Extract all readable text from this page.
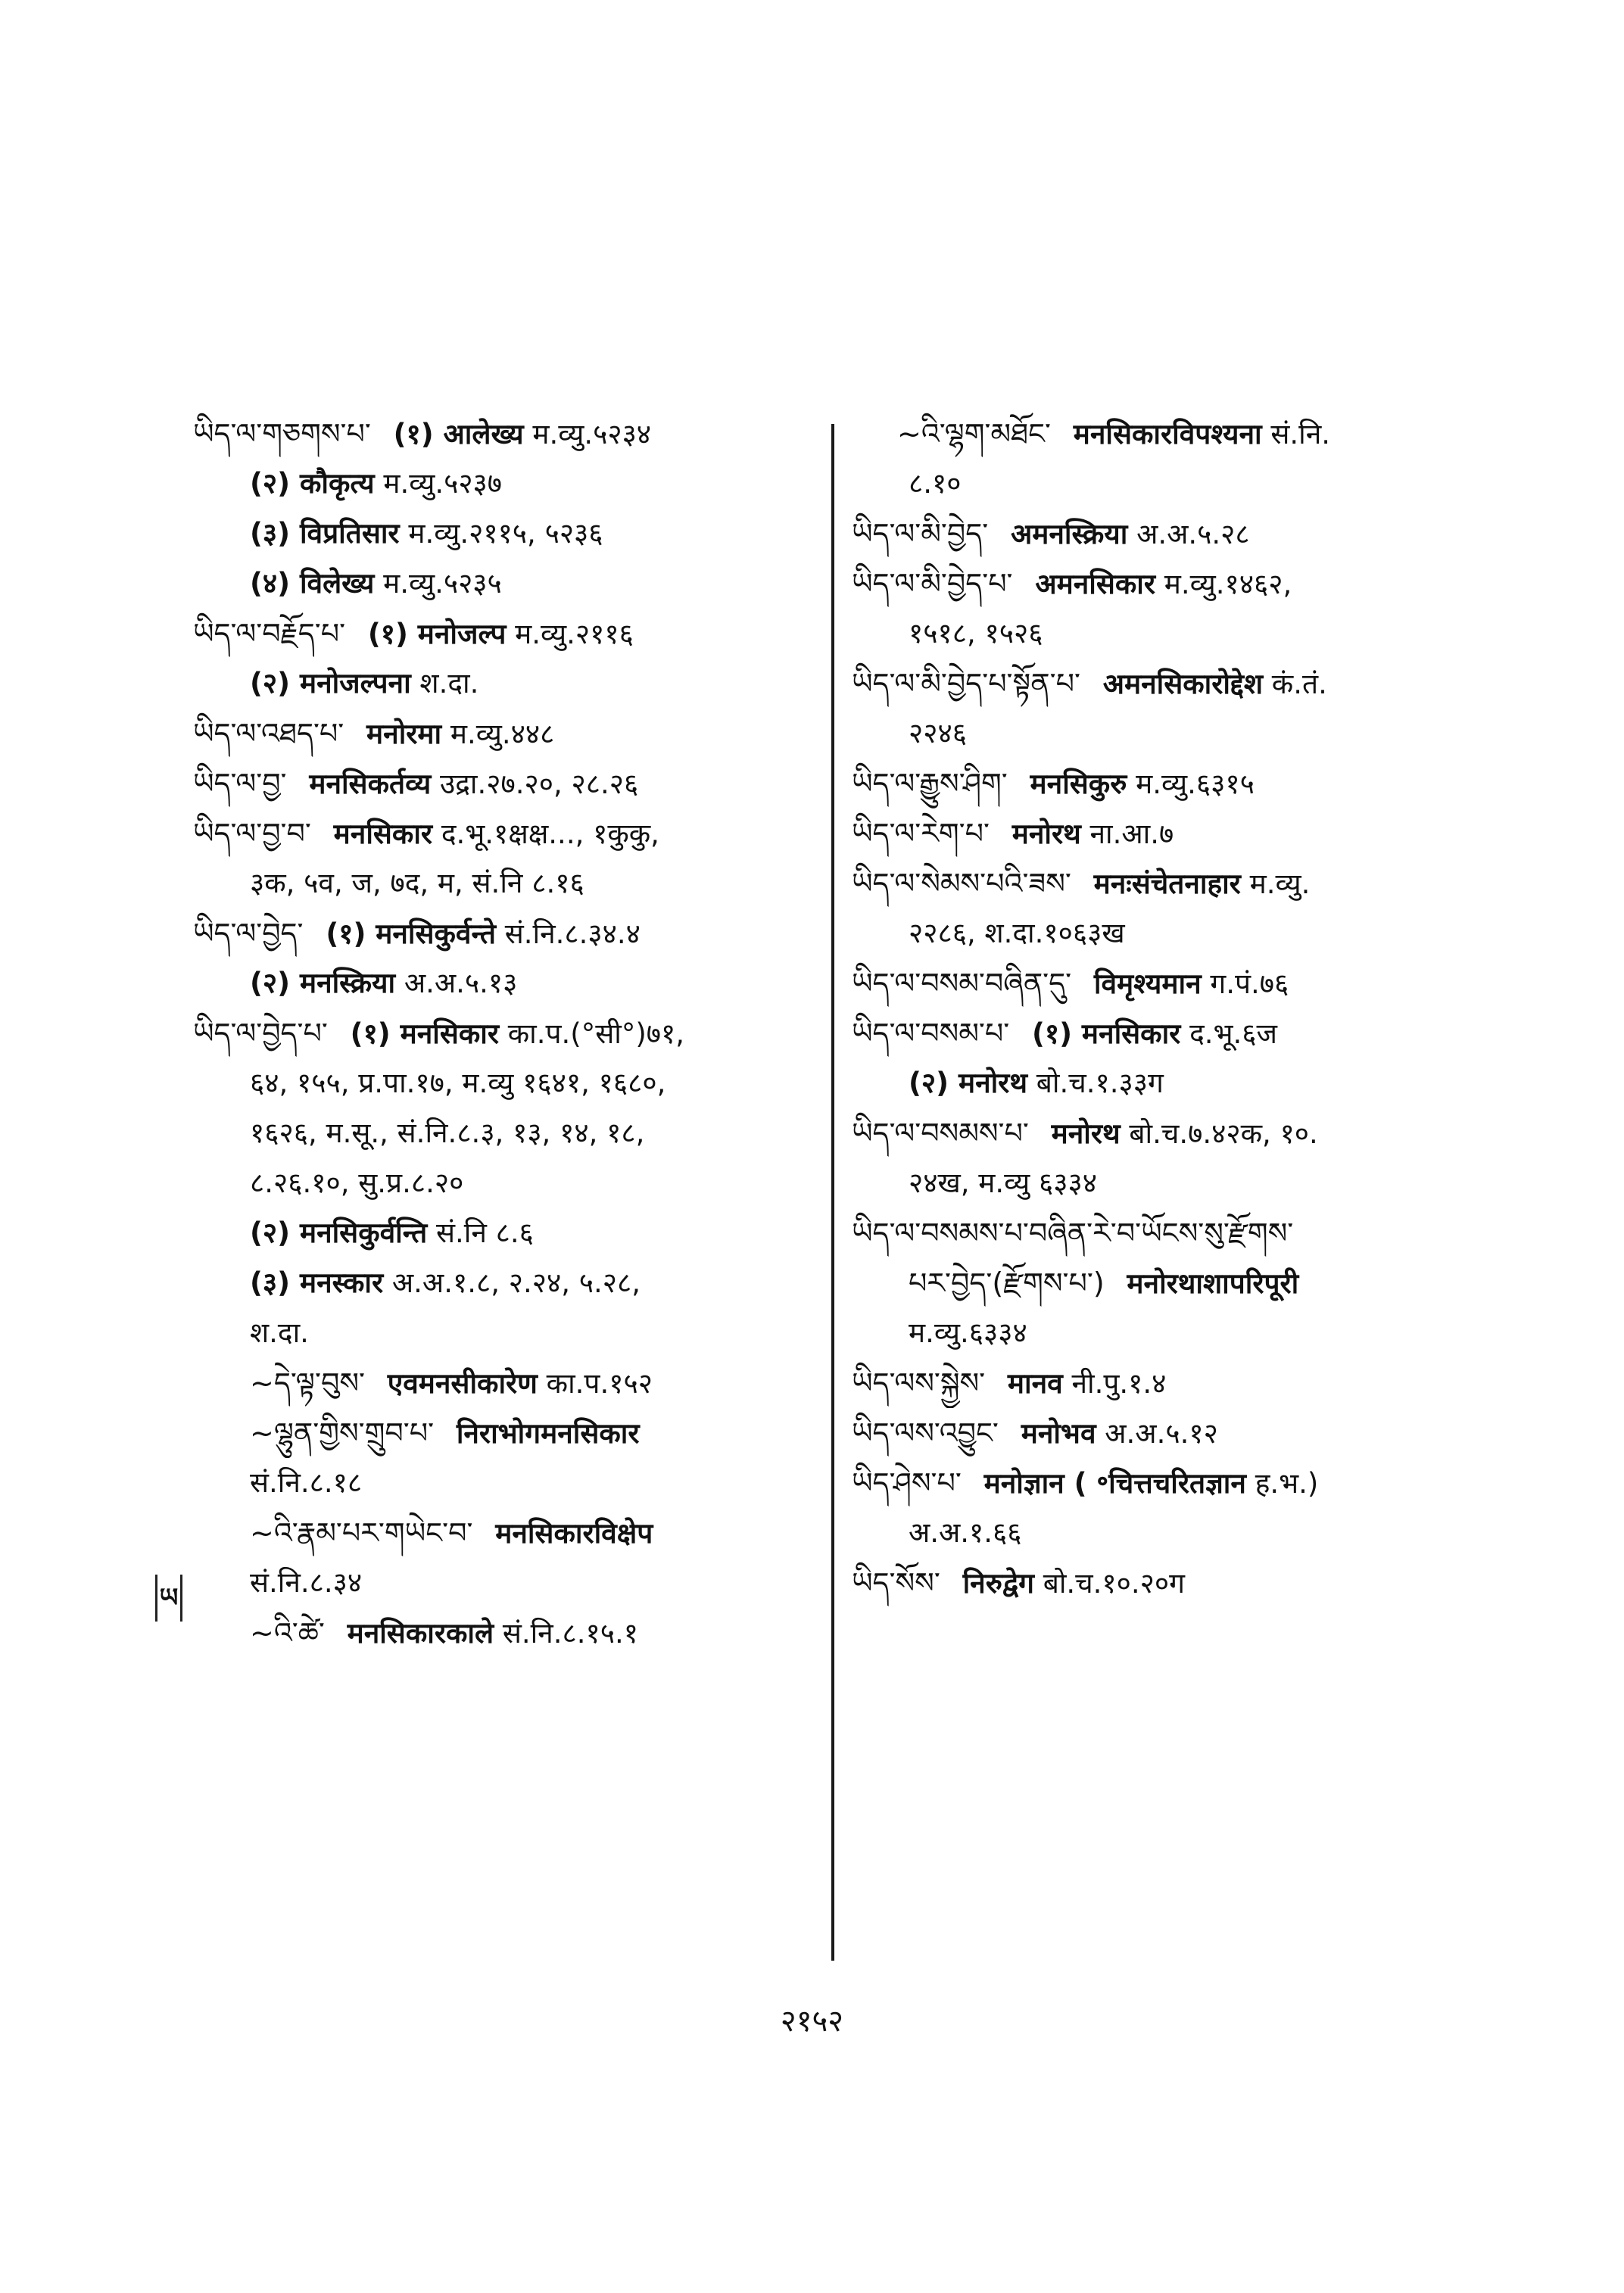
ཡིད་ལ་གཅགས་པ་ (१) आलेख्य म.व्यु.५२३४
(२) कौकृत्य म.व्यु.५२३७
(३) विप्रतिसार म.व्यु.२११५, ५२३६
(४) विलेख्य म.व्यु.५२३५
ཡིད་ལ་བརྗོད་པ་ (१) मनोजल्प म.व्यु.२११६
(२) मनोजल्पना श.दा.
ཡིད་ལ་འཐད་པ་ मनोरमा म.व्यु.४४८
ཡིད་ལ་བྱ་ मनसिकर्तव्य उद्रा.२७.२०, २८.२६
ཡིད་ལ་བྱ་བ་ मनसिकार द.भू.१क्षक्ष..., १कुकु,
३क, ५व, ज, ७द, म, सं.नि ८.१६
ཡིད་ལ་བྱེད་ (१) मनसिकुर्वन्ते सं.नि.८.३४.४
(२) मनस्क्रिया अ.अ.५.१३
ཡིད་ལ་བྱེད་པ་ (१) मनसिकार का.प.(°सी°)७१,
६४, १५५, प्र.पा.१७, म.व्यु १६४१, १६८०,
१६२६, म.सू., सं.नि.८.३, १३, १४, १८,
८.२६.१०, सु.प्र.८.२०
(२) मनसिकुर्वन्ति सं.नि ८.६
(३) मनस्कार अ.अ.१.८, २.२४, ५.२८,
श.दा.
~དེ་ལྟ་བུས་ एवमनसीकारेण का.प.१५२
~ལྷུན་གྱིས་གྲུབ་པ་ निराभोगमनसिकार
सं.नि.८.१८
~འི་རྣམ་པར་གཡེང་བ་ मनसिकारविक्षेप
सं.नि.८.३४
~འི་ཚེ་ मनसिकारकाले सं.नि.८.१५.१
~འི་ལྷག་མཐོང་ मनसिकारविपश्यना सं.नि.
८.१०
ཡིད་ལ་མི་བྱེད་ अमनस्क्रिया अ.अ.५.२८
ཡིད་ལ་མི་བྱེད་པ་ अमनसिकार म.व्यु.१४६२,
१५१८, १५२६
ཡིད་ལ་མི་བྱེད་པ་སྟོན་པ་ अमनसिकारोद्देश कं.तं.
२२४६
ཡིད་ལ་རྒྱུས་ཤིག་ मनसिकुरु म.व्यु.६३१५
ཡིད་ལ་རེག་པ་ मनोरथ ना.आ.७
ཡིད་ལ་སེམས་པའི་ཟས་ मनःसंचेतनाहार म.व्यु.
२२८६, श.दा.१०६३ख
ཡིད་ལ་བསམ་བཞིན་དུ་ विमृश्यमान ग.पं.७६
ཡིད་ལ་བསམ་པ་ (१) मनसिकार द.भू.६ज
(२) मनोरथ बो.च.१.३३ग
ཡིད་ལ་བསམས་པ་ मनोरथ बो.च.७.४२क, १०.
२४ख, म.व्यु ६३३४
ཡིད་ལ་བསམས་པ་བཞིན་རེ་བ་ཡོངས་སུ་རྫོགས་
པར་བྱེད་(རྫོགས་པ་) मनोरथाशापरिपूरी
म.व्यु.६३३४
ཡིད་ལས་སྐྱེས་ मानव नी.पु.१.४
ཡིད་ལས་འབྱུང་ मनोभव अ.अ.५.१२
ཡིད་ཤེས་པ་ मनोज्ञान ( ॰चित्तचरितज्ञान ह.भ.)
अ.अ.१.६६
ཡིད་སོས་ निरुद्वेग बो.च.१०.२०ग
ཡ
२१५२
